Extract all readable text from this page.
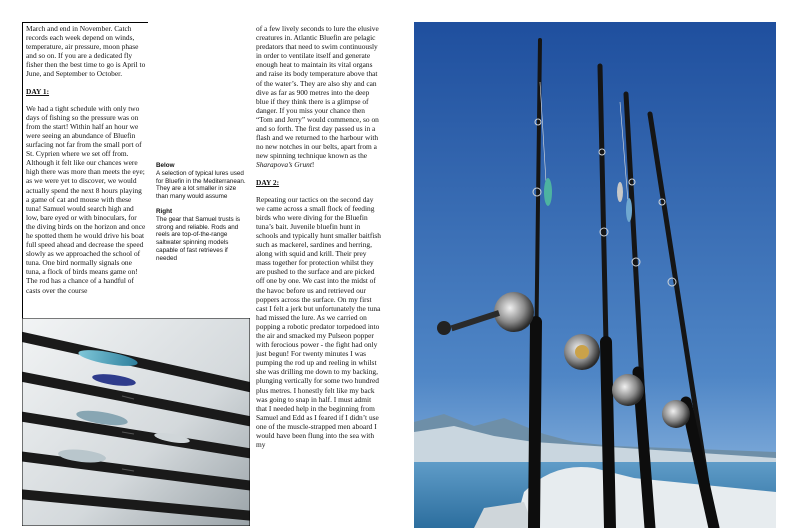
March and end in November. Catch records each week depend on winds, temperature, air pressure, moon phase and so on. If you are a dedicated fly fisher then the best time to go is April to June, and September to October.

DAY 1:

We had a tight schedule with only two days of fishing so the pressure was on from the start! Within half an hour we were seeing an abundance of Bluefin surfacing not far from the small port of St. Cyprien where we set off from. Although it felt like our chances were high there was more than meets the eye; as we were yet to discover, we would actually spend the next 8 hours playing a game of cat and mouse with these tuna! Samuel would search high and low, bare eyed or with binoculars, for the diving birds on the horizon and once he spotted them he would drive his boat full speed ahead and decrease the speed slowly as we approached the school of tuna. One bird normally signals one tuna, a flock of birds means game on! The rod has a chance of a handful of casts over the course

Below
A selection of typical lures used for Bluefin in the Mediterranean. They are a lot smaller in size than many would assume
Right
The gear that Samuel trusts is strong and reliable. Rods and reels are top-of-the-range saltwater spinning models capable of fast retrieves if needed

of a few lively seconds to lure the elusive creatures in. Atlantic Bluefin are pelagic predators that need to swim continuously in order to ventilate itself and generate enough heat to maintain its vital organs and raise its body temperature above that of the water’s. They are also shy and can dive as far as 900 metres into the deep blue if they think there is a glimpse of danger. If you miss your chance then “Tom and Jerry” would commence, so on and so forth. The first day passed us in a flash and we returned to the harbour with no new notches in our belts, apart from a new spinning technique known as the Sharapova’s Grunt!

DAY 2:

Repeating our tactics on the second day we came across a small flock of feeding birds who were diving for the Bluefin tuna’s bait. Juvenile bluefin hunt in schools and typically hunt smaller baitfish such as mackerel, sardines and herring, along with squid and krill. Their prey mass together for protection whilst they are pushed to the surface and are picked off one by one. We cast into the midst of the havoc before us and retrieved our poppers across the surface. On my first cast I felt a jerk but unfortunately the tuna had missed the lure. As we carried on popping a robotic predator torpedoed into the air and smacked my Pulseon popper with ferocious power - the fight had only just begun! For twenty minutes I was pumping the rod up and reeling in whilst she was drilling me down to my backing, plunging vertically for some two hundred plus metres. I honestly felt like my back was going to snap in half. I must admit that I needed help in the beginning from Samuel and Edd as I feared if I didn’t use one of the muscle-strapped men aboard I would have been flung into the sea with my
